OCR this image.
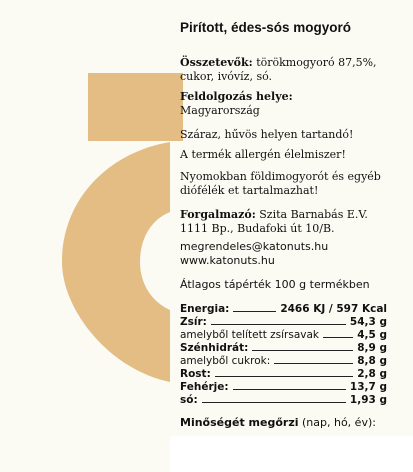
Pirított, édes-sós mogyoró
Összetevők: törökmogyoró 87,5%,
cukor, ivóvíz, só.
Feldolgozás helye:
Magyarország
Száraz, hűvös helyen tartandó!
A termék allergén élelmiszer!
Nyomokban földimogyorót és egyéb
diófélék et tartalmazhat!
Forgalmazó: Szita Barnabás E.V.
1111 Bp., Budafoki út 10/B.
megrendeles@katonuts.hu
www.katonuts.hu
Átlagos tápérték 100 g termékben
Energia:	2466 KJ / 597 Kcal
Zsír:	54,3 g
amelyből telített zsírsavak	4,5 g
Szénhidrát:	8,9 g
amelyből cukrok:	8,8 g
Rost:	2,8 g
Fehérje:	13,7 g
só:	1,93 g
Minőségét megőrzi (nap, hó, év):
